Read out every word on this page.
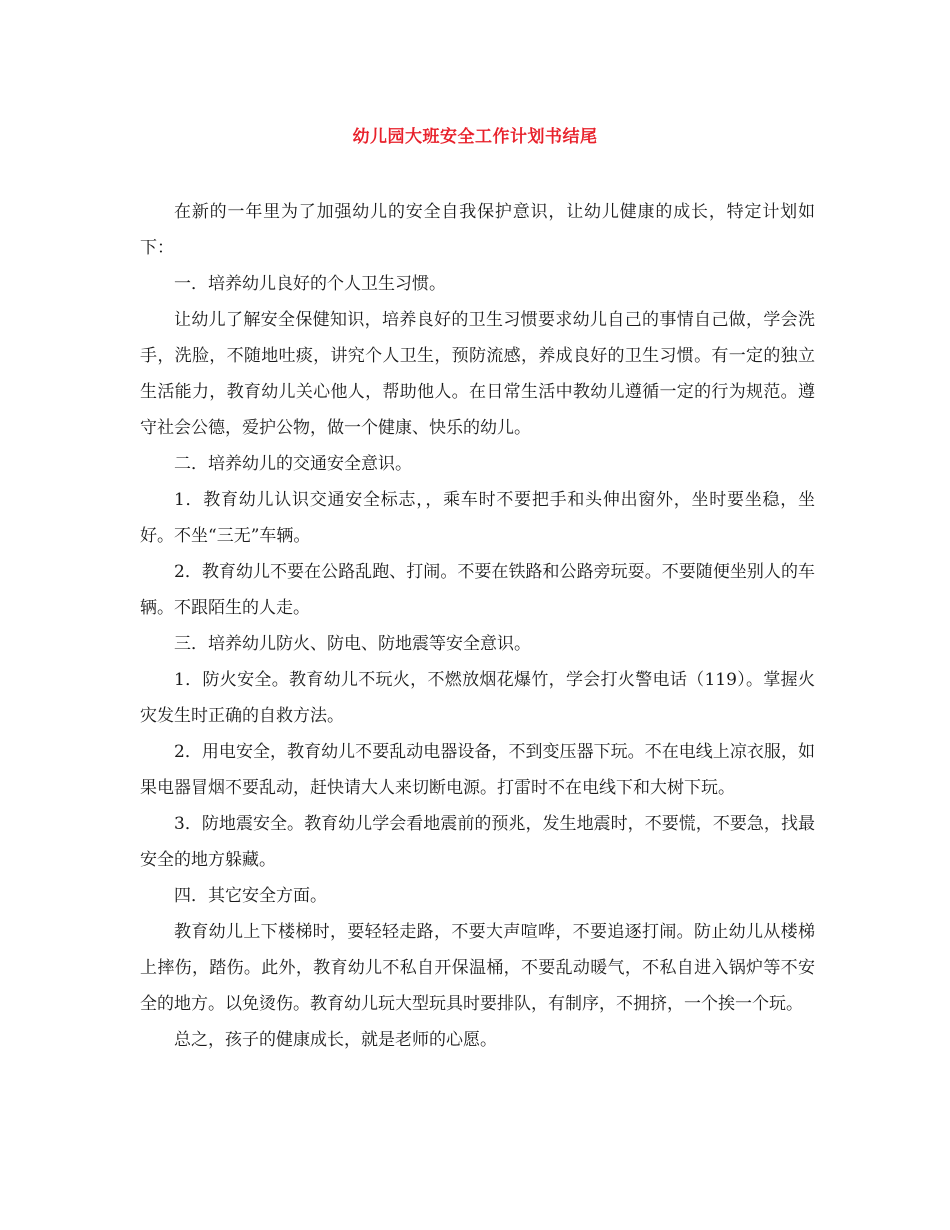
幼儿园大班安全工作计划书结尾

在新的一年里为了加强幼儿的安全自我保护意识，让幼儿健康的成长，特定计划如下：

一．培养幼儿良好的个人卫生习惯。

让幼儿了解安全保健知识，培养良好的卫生习惯要求幼儿自己的事情自己做，学会洗手，洗脸，不随地吐痰，讲究个人卫生，预防流感，养成良好的卫生习惯。有一定的独立生活能力，教育幼儿关心他人，帮助他人。在日常生活中教幼儿遵循一定的行为规范。遵守社会公德，爱护公物，做一个健康、快乐的幼儿。

二．培养幼儿的交通安全意识。

1．教育幼儿认识交通安全标志，，乘车时不要把手和头伸出窗外，坐时要坐稳，坐好。不坐“三无”车辆。

2．教育幼儿不要在公路乱跑、打闹。不要在铁路和公路旁玩耍。不要随便坐别人的车辆。不跟陌生的人走。

三．培养幼儿防火、防电、防地震等安全意识。

1．防火安全。教育幼儿不玩火，不燃放烟花爆竹，学会打火警电话（119）。掌握火灾发生时正确的自救方法。

2．用电安全，教育幼儿不要乱动电器设备，不到变压器下玩。不在电线上凉衣服，如果电器冒烟不要乱动，赶快请大人来切断电源。打雷时不在电线下和大树下玩。

3．防地震安全。教育幼儿学会看地震前的预兆，发生地震时，不要慌，不要急，找最安全的地方躲藏。

四．其它安全方面。

教育幼儿上下楼梯时，要轻轻走路，不要大声喧哗，不要追逐打闹。防止幼儿从楼梯上摔伤，踏伤。此外，教育幼儿不私自开保温桶，不要乱动暖气，不私自进入锅炉等不安全的地方。以免烫伤。教育幼儿玩大型玩具时要排队，有制序，不拥挤，一个挨一个玩。

总之，孩子的健康成长，就是老师的心愿。
